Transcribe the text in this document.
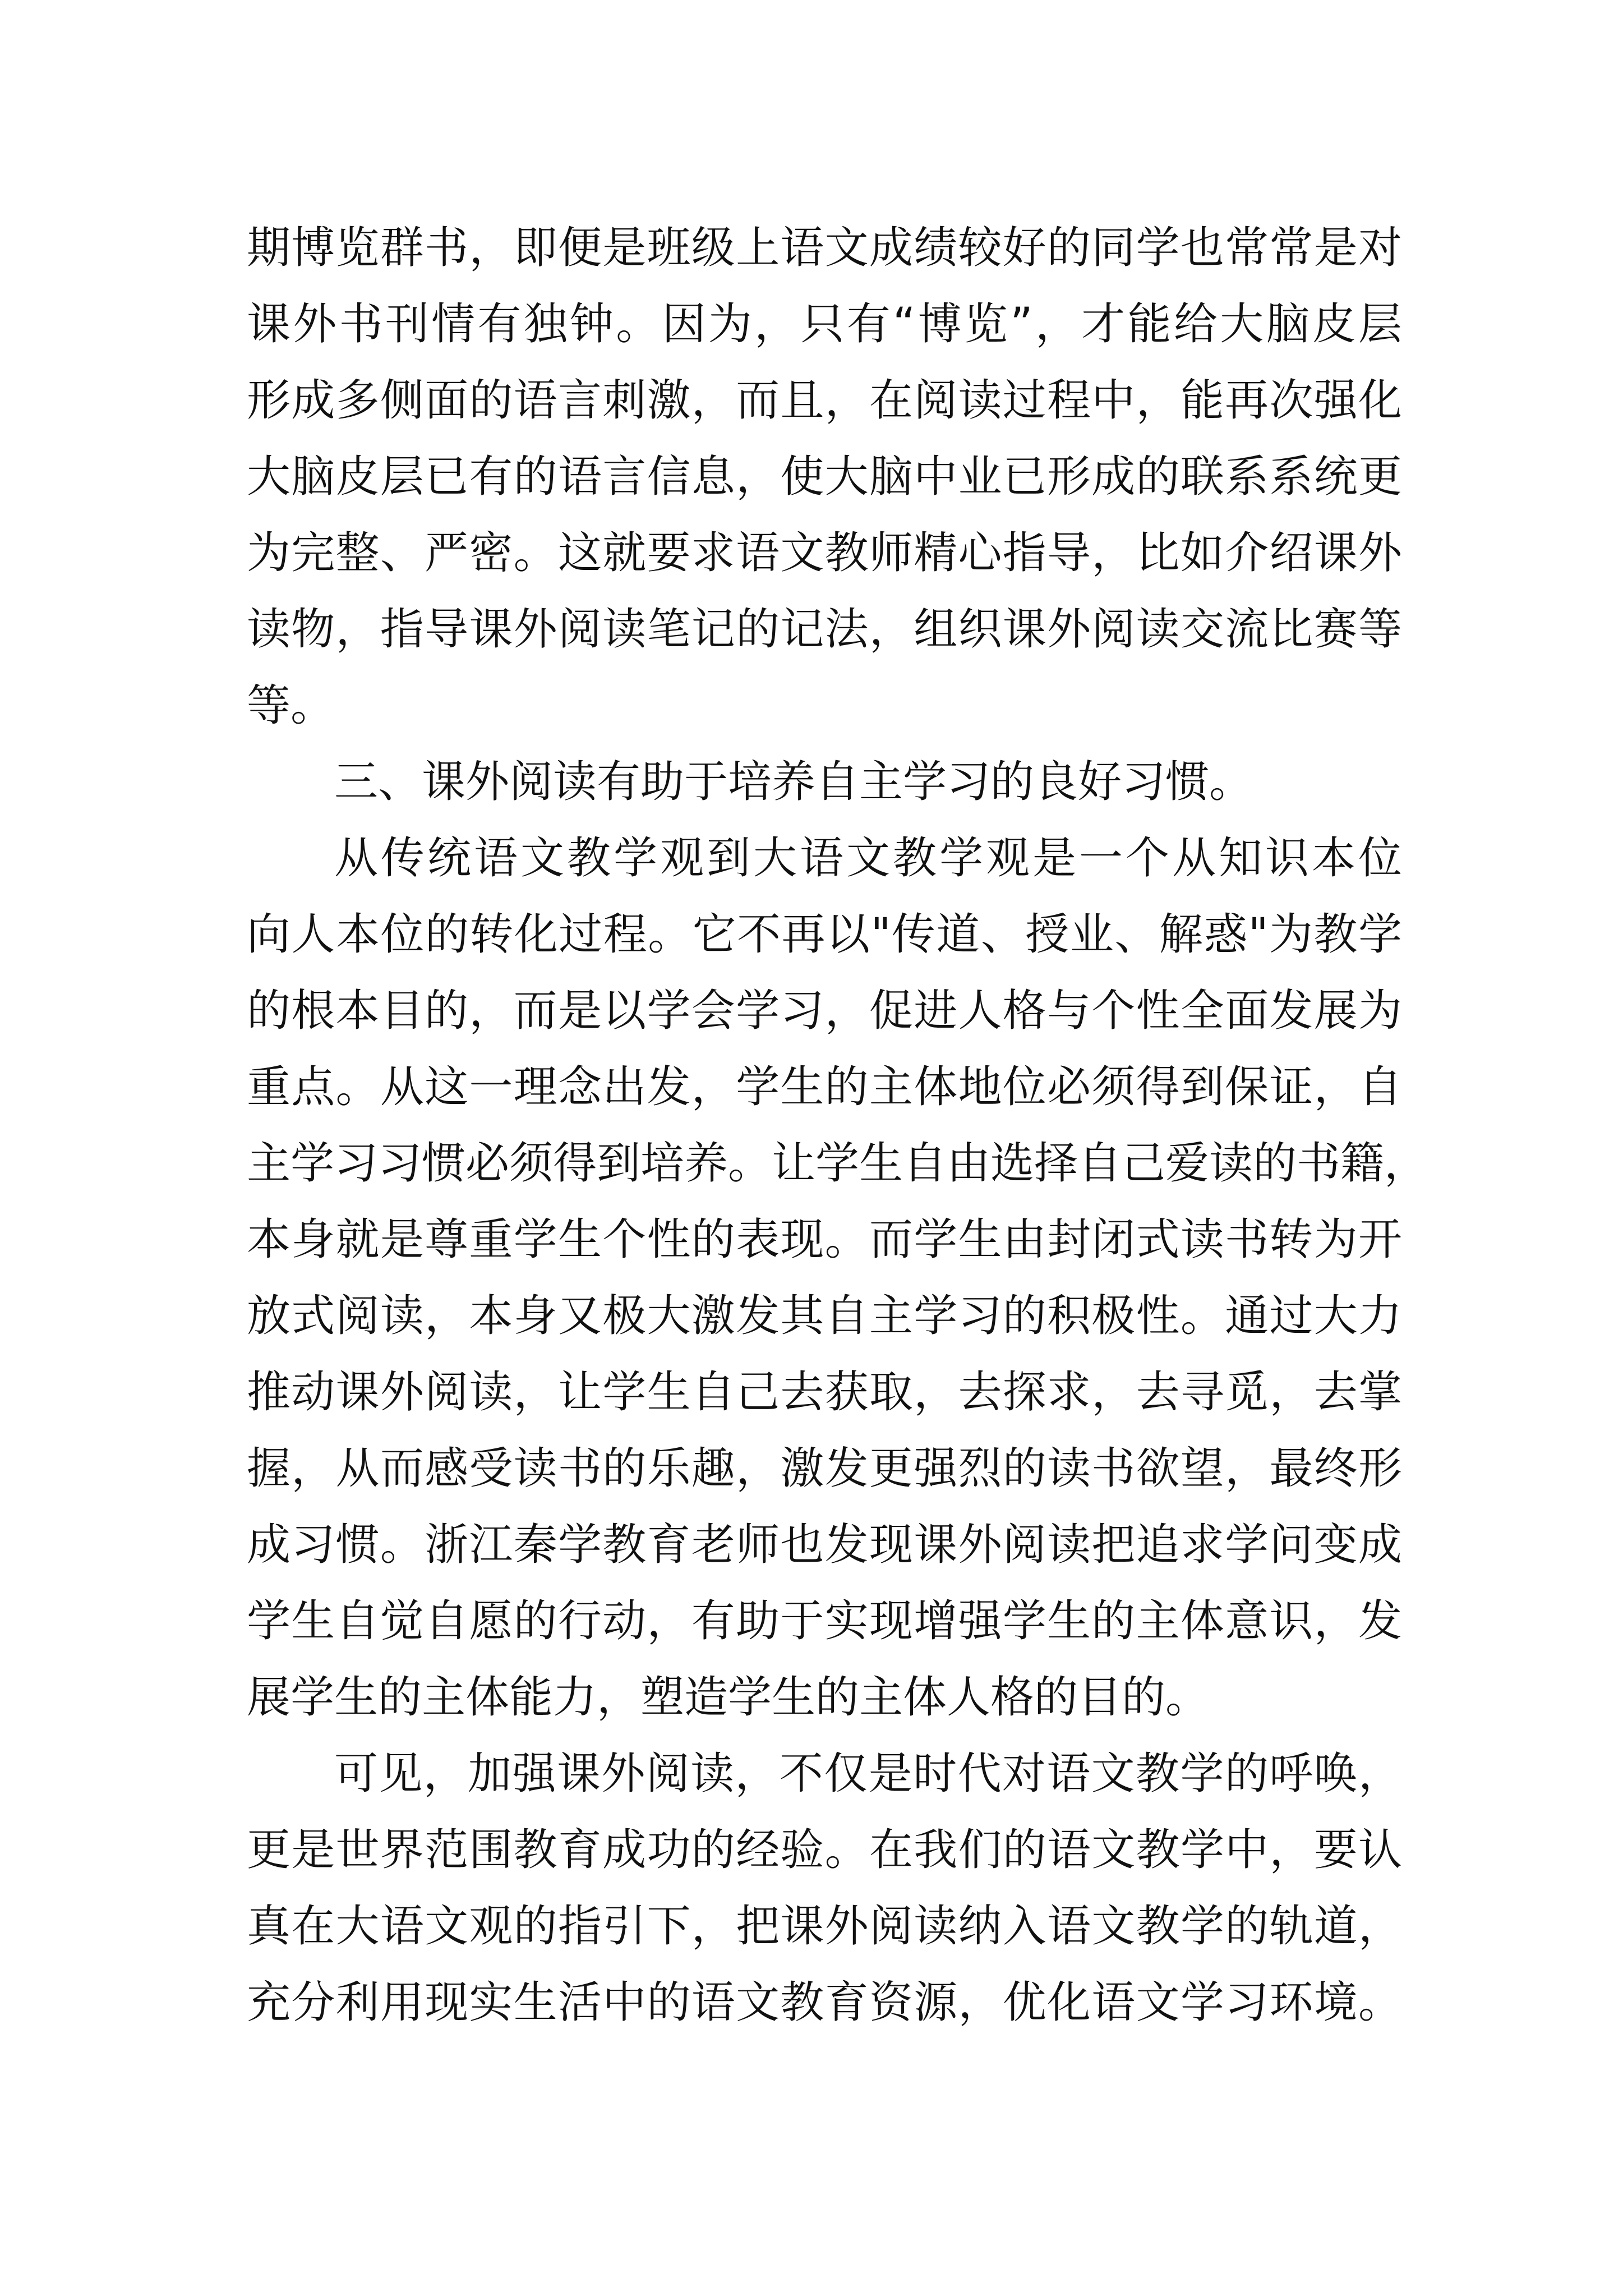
期博览群书，即便是班级上语文成绩较好的同学也常常是对
课外书刊情有独钟。因为，只有“博览”，才能给大脑皮层
形成多侧面的语言刺激，而且，在阅读过程中，能再次强化
大脑皮层已有的语言信息，使大脑中业已形成的联系系统更
为完整、严密。这就要求语文教师精心指导，比如介绍课外
读物，指导课外阅读笔记的记法，组织课外阅读交流比赛等
等。
三、课外阅读有助于培养自主学习的良好习惯。
从传统语文教学观到大语文教学观是一个从知识本位
向人本位的转化过程。它不再以"传道、授业、解惑"为教学
的根本目的，而是以学会学习，促进人格与个性全面发展为
重点。从这一理念出发，学生的主体地位必须得到保证，自
主学习习惯必须得到培养。让学生自由选择自己爱读的书籍，
本身就是尊重学生个性的表现。而学生由封闭式读书转为开
放式阅读，本身又极大激发其自主学习的积极性。通过大力
推动课外阅读，让学生自己去获取，去探求，去寻觅，去掌
握，从而感受读书的乐趣，激发更强烈的读书欲望，最终形
成习惯。浙江秦学教育老师也发现课外阅读把追求学问变成
学生自觉自愿的行动，有助于实现增强学生的主体意识，发
展学生的主体能力，塑造学生的主体人格的目的。
可见，加强课外阅读，不仅是时代对语文教学的呼唤，
更是世界范围教育成功的经验。在我们的语文教学中，要认
真在大语文观的指引下，把课外阅读纳入语文教学的轨道，
充分利用现实生活中的语文教育资源，优化语文学习环境。
